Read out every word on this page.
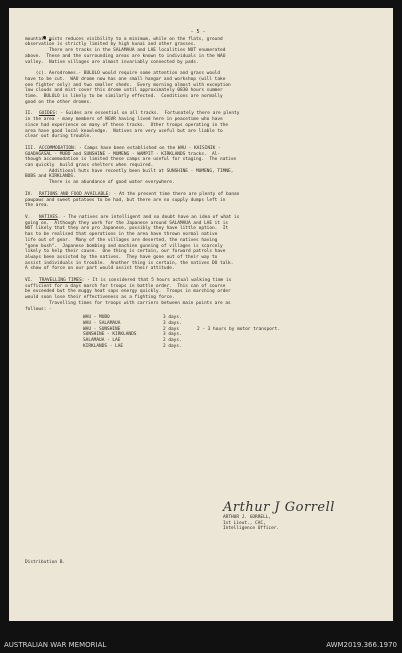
- 5 -
mountain mists reduces visibility to a minimum, while on the flats, ground
observation is strictly limited by high kunai and other grasses.
There are tracks in the SALAMAUA and LAE localities NOT enumerated
above.  These and the surrounding areas are known to individuals in the WAU
valley.  Native villages are almost invariably connected by pads.
(c). Aerodromes.- BULOLO would require some attention and grass would
have to be cut.  WAU drome now has one small hangar and workshop (will take
one fighter only) and two smaller sheds.  Every morning almost with exception
low clouds and mist cover this drome until approximately 0830 hours summer
time.  BULOLO is likely to be similarly effected.  Conditions are normally
good on the other dromes.
II. GUIDES: - Guides are essential on all tracks.  Fortunately there are plenty
in the area - many members of NGVR having lived here in peacetime who have
since had experience on many of these tracks.  Other troops operating in the
area have good local knowledge.  Natives are very useful but are liable to
clear out during trouble.
III. ACCOMMODATION: - Camps have been established on the WAU - KAISINIK -
GUADAGASAL - MUBO and SUNSHINE - MUMENG - WAMPIT - KIRKLANDS tracks.  Al-
though accommodation is limited these camps are useful for staging.  The native
can quickly  build grass shelters when required.
Additional huts have recently been built at SUNSHINE - MUMENG, TIMNE,
BOBS and KIRKLANDS.
There is an abundance of good water everywhere.
IV. RATIONS AND FOOD AVAILABLE: - At the present time there are plenty of banan
pawpaws and sweet potatoes to be had, but there are no supply dumps left in
the area.
V. NATIVES. - The natives are intelligent and no doubt have an idea of what is
going on.  Although they work for the Japanese around SALAMAUA and LAE it is
NOT likely that they are pro Japanese, possibly they have little option.  It
has to be realised that operations in the area have thrown normal native
life out of gear.  Many of the villages are deserted, the natives having
"gone bush".  Japanese bombing and machine gunning of villages is scarcely
likely to help their cause.  One thing is certain, our forward patrols have
always been assisted by the natives.  They have gone out of their way to
assist individuals in trouble.  Another thing is certain, the natives DO talk.
A show of force on our part would assist their attitude.
VI. TRAVELLING TIMES: - It is considered that 5 hours actual walking time is
sufficient for a days march for troops in battle order.  This can of course
be exceeded but the muggy heat saps energy quickly.  Troops in marching order
would soon lose their effectiveness as a fighting force.
Travelling times for troops with carriers between main points are as
follows: -
WAU - MUBO	3 days.
WAU - SALAMAUA	3 days.
WAU - SUNSHINE	2 days	2 - 3 hours by motor transport.
SUNSHINE - KIRKLANDS	3 days.
SALAMAUA - LAE	2 days.
KIRKLANDS - LAE	2 days.
Arthur J Gorrell
ARTHUR J. GORRELL,
1st Lieut., CAC,
Intelligence Officer.
Distribution B.
AUSTRALIAN WAR MEMORIAL	AWM2019.366.1970
